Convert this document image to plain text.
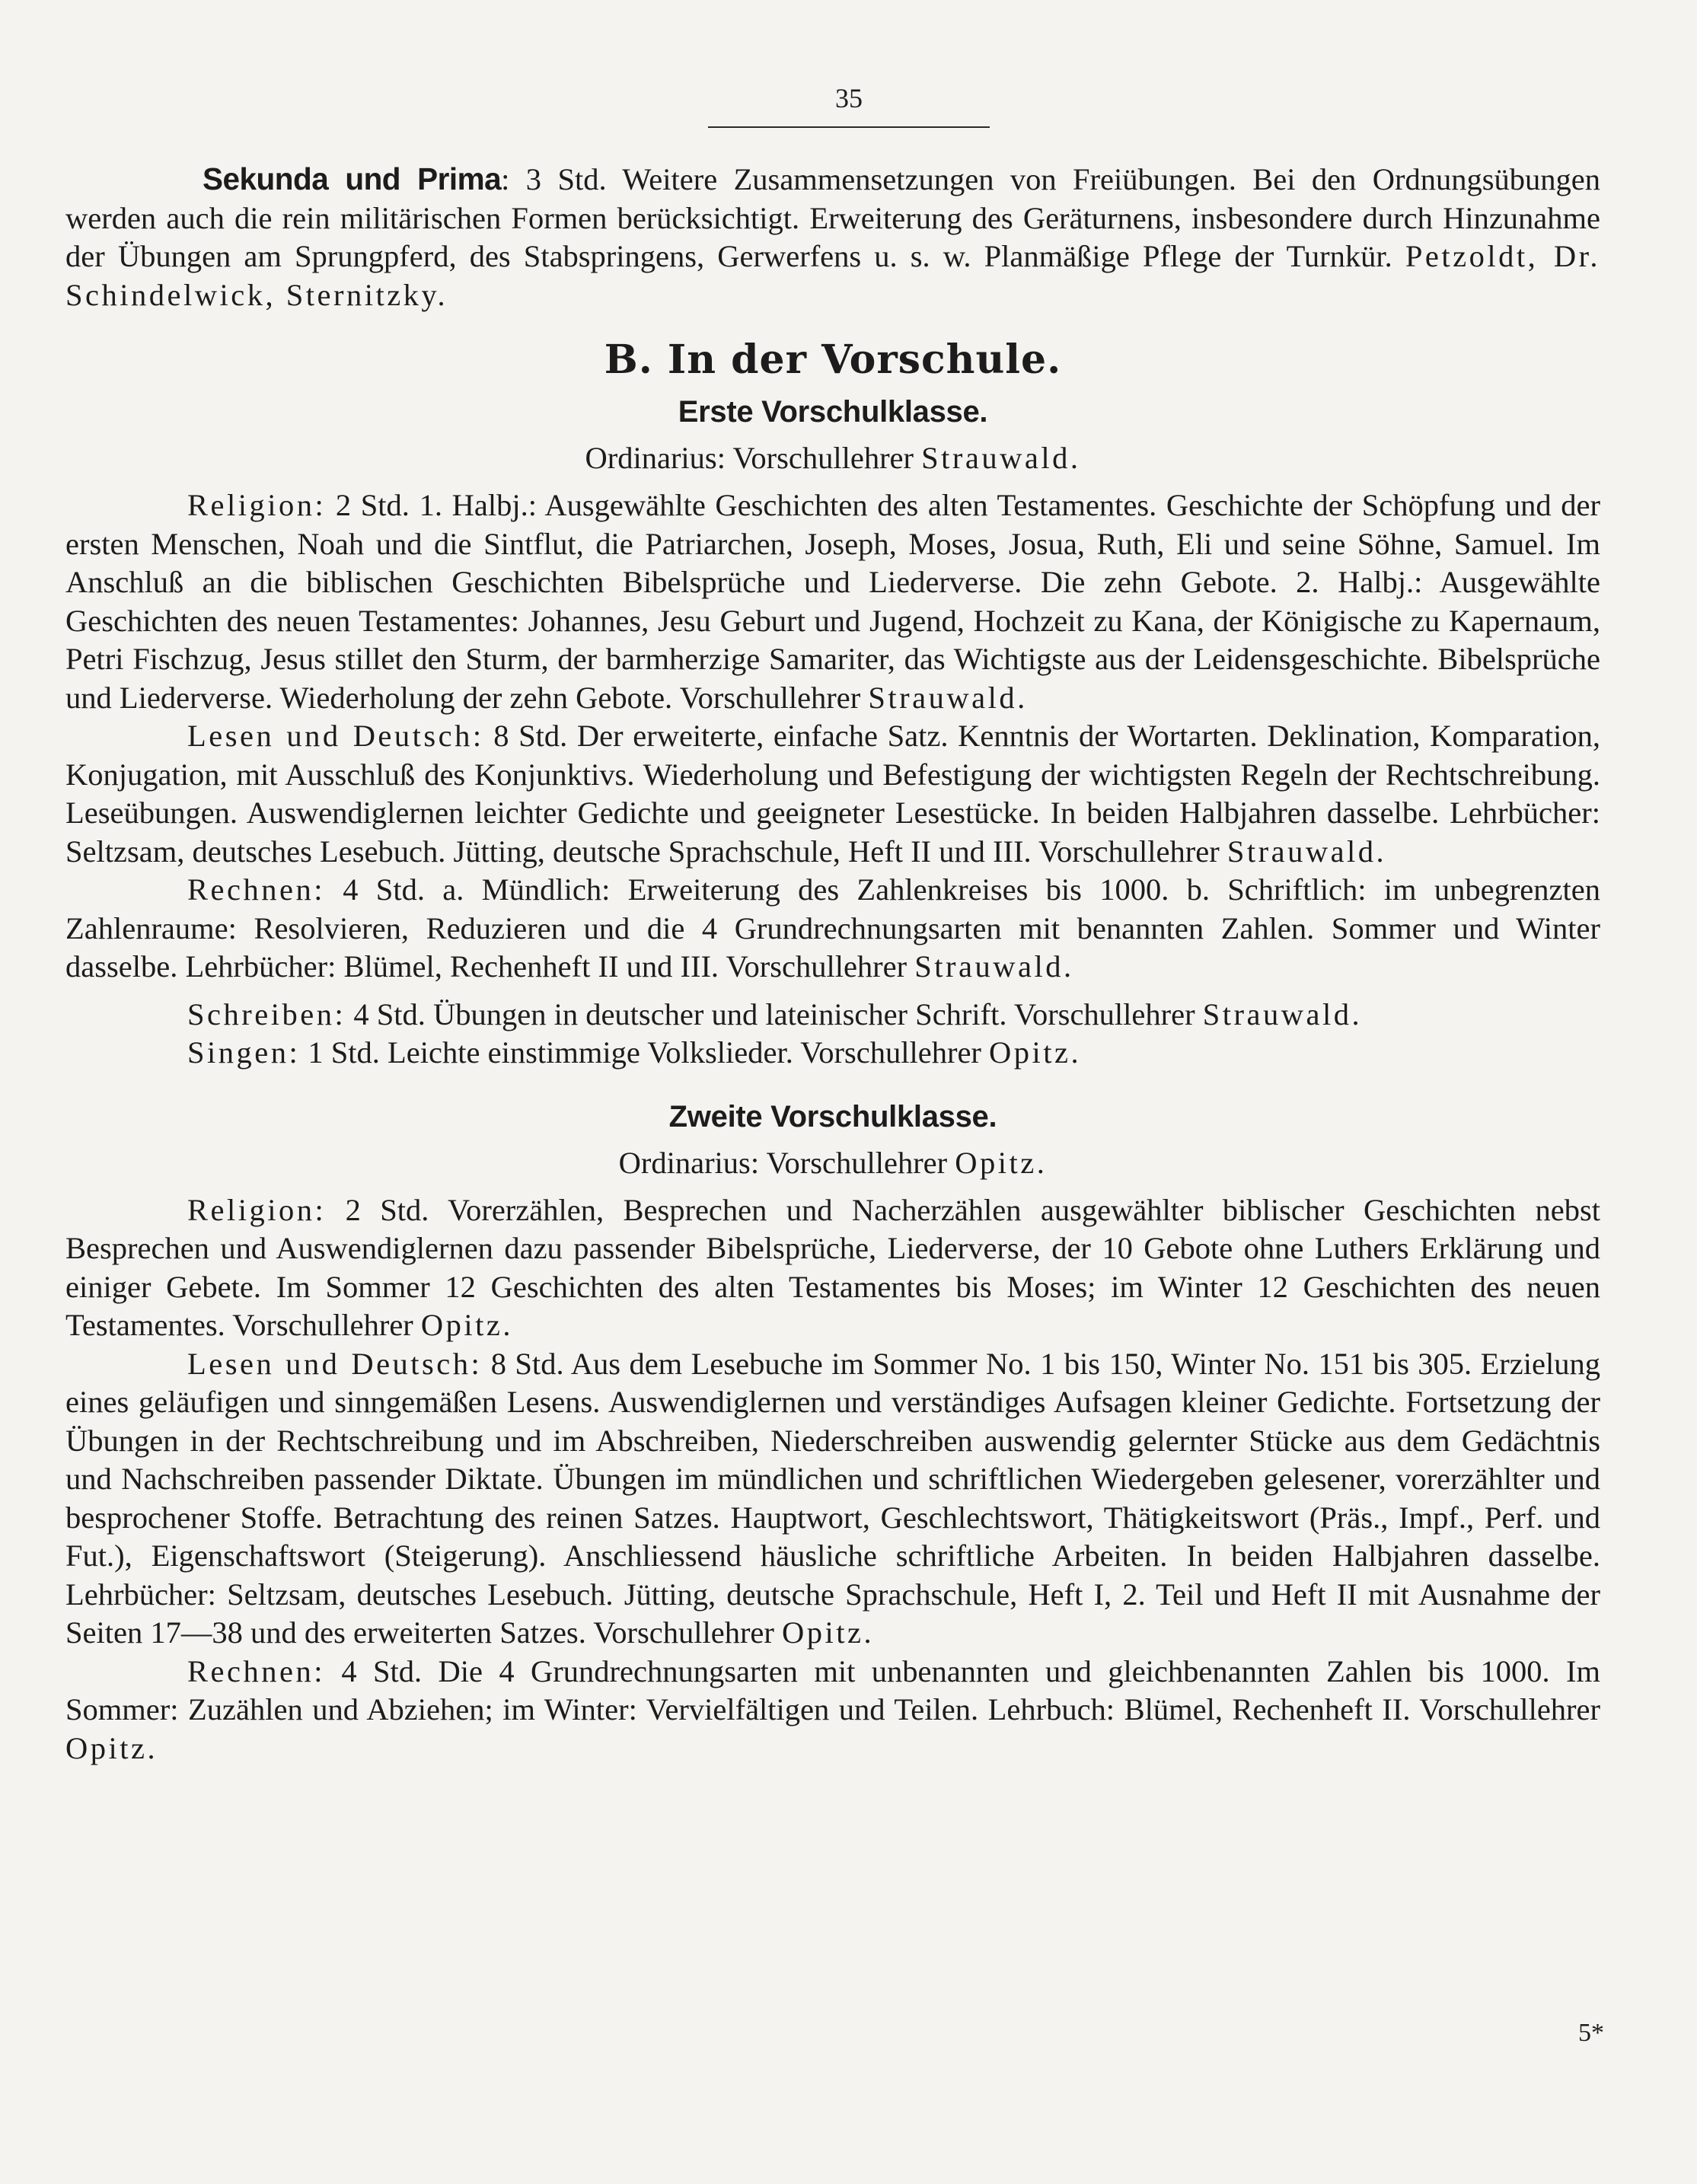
35

Sekunda und Prima: 3 Std. Weitere Zusammensetzungen von Freiübungen. Bei den Ordnungsübungen werden auch die rein militärischen Formen berücksichtigt. Erweiterung des Geräturnens, insbesondere durch Hinzunahme der Übungen am Sprungpferd, des Stabspringens, Gerwerfens u. s. w. Planmäßige Pflege der Turnkür. Petzoldt, Dr. Schindelwick, Sternitzky.

B. In der Vorschule.

Erste Vorschulklasse.

Ordinarius: Vorschullehrer Strauwald.

Religion: 2 Std. 1. Halbj.: Ausgewählte Geschichten des alten Testamentes. Geschichte der Schöpfung und der ersten Menschen, Noah und die Sintflut, die Patriarchen, Joseph, Moses, Josua, Ruth, Eli und seine Söhne, Samuel. Im Anschluß an die biblischen Geschichten Bibelsprüche und Liederverse. Die zehn Gebote. 2. Halbj.: Ausgewählte Geschichten des neuen Testamentes: Johannes, Jesu Geburt und Jugend, Hochzeit zu Kana, der Königische zu Kapernaum, Petri Fischzug, Jesus stillet den Sturm, der barmherzige Samariter, das Wichtigste aus der Leidensgeschichte. Bibelsprüche und Liederverse. Wiederholung der zehn Gebote. Vorschullehrer Strauwald.

Lesen und Deutsch: 8 Std. Der erweiterte, einfache Satz. Kenntnis der Wortarten. Deklination, Komparation, Konjugation, mit Ausschluß des Konjunktivs. Wiederholung und Befestigung der wichtigsten Regeln der Rechtschreibung. Leseübungen. Auswendiglernen leichter Gedichte und geeigneter Lesestücke. In beiden Halbjahren dasselbe. Lehrbücher: Seltzsam, deutsches Lesebuch. Jütting, deutsche Sprachschule, Heft II und III. Vorschullehrer Strauwald.

Rechnen: 4 Std. a. Mündlich: Erweiterung des Zahlenkreises bis 1000. b. Schriftlich: im unbegrenzten Zahlenraume: Resolvieren, Reduzieren und die 4 Grundrechnungsarten mit benannten Zahlen. Sommer und Winter dasselbe. Lehrbücher: Blümel, Rechenheft II und III. Vorschullehrer Strauwald.

Schreiben: 4 Std. Übungen in deutscher und lateinischer Schrift. Vorschullehrer Strauwald.

Singen: 1 Std. Leichte einstimmige Volkslieder. Vorschullehrer Opitz.

Zweite Vorschulklasse.

Ordinarius: Vorschullehrer Opitz.

Religion: 2 Std. Vorerzählen, Besprechen und Nacherzählen ausgewählter biblischer Geschichten nebst Besprechen und Auswendiglernen dazu passender Bibelsprüche, Liederverse, der 10 Gebote ohne Luthers Erklärung und einiger Gebete. Im Sommer 12 Geschichten des alten Testamentes bis Moses; im Winter 12 Geschichten des neuen Testamentes. Vorschullehrer Opitz.

Lesen und Deutsch: 8 Std. Aus dem Lesebuche im Sommer No. 1 bis 150, Winter No. 151 bis 305. Erzielung eines geläufigen und sinngemäßen Lesens. Auswendiglernen und verständiges Aufsagen kleiner Gedichte. Fortsetzung der Übungen in der Rechtschreibung und im Abschreiben, Niederschreiben auswendig gelernter Stücke aus dem Gedächtnis und Nachschreiben passender Diktate. Übungen im mündlichen und schriftlichen Wiedergeben gelesener, vorerzählter und besprochener Stoffe. Betrachtung des reinen Satzes. Hauptwort, Geschlechtswort, Thätigkeitswort (Präs., Impf., Perf. und Fut.), Eigenschaftswort (Steigerung). Anschliessend häusliche schriftliche Arbeiten. In beiden Halbjahren dasselbe. Lehrbücher: Seltzsam, deutsches Lesebuch. Jütting, deutsche Sprachschule, Heft I, 2. Teil und Heft II mit Ausnahme der Seiten 17—38 und des erweiterten Satzes. Vorschullehrer Opitz.

Rechnen: 4 Std. Die 4 Grundrechnungsarten mit unbenannten und gleichbenannten Zahlen bis 1000. Im Sommer: Zuzählen und Abziehen; im Winter: Vervielfältigen und Teilen. Lehrbuch: Blümel, Rechenheft II. Vorschullehrer Opitz.

5*
